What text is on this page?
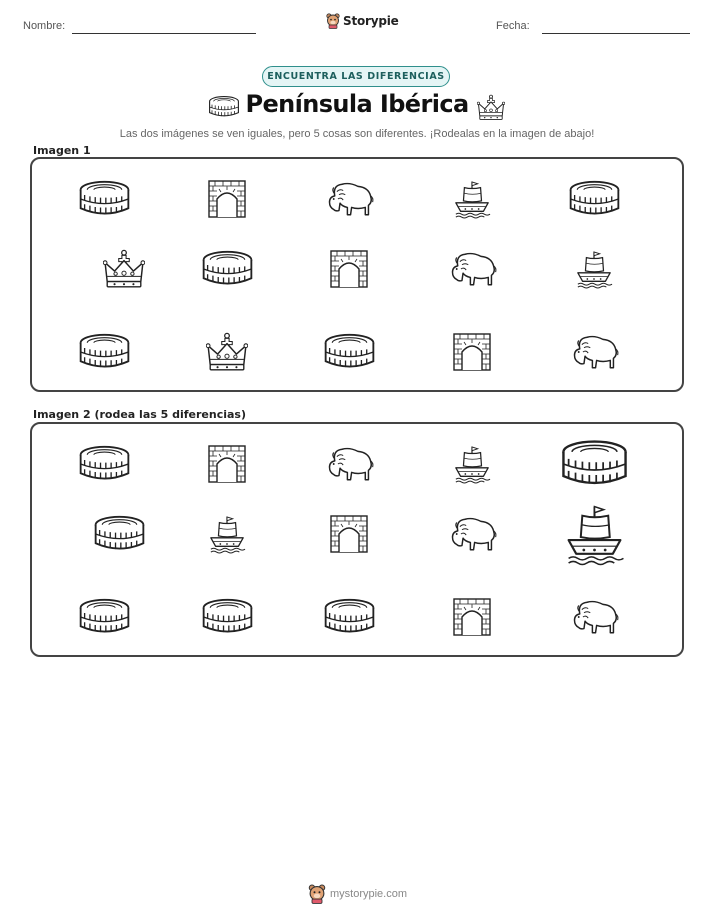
Nombre:	Storypie	Fecha:
ENCUENTRA LAS DIFERENCIAS
Península Ibérica
Las dos imágenes se ven iguales, pero 5 cosas son diferentes. ¡Rodealas en la imagen de abajo!
Imagen 1
Imagen 2 (rodea las 5 diferencias)
mystorypie.com
